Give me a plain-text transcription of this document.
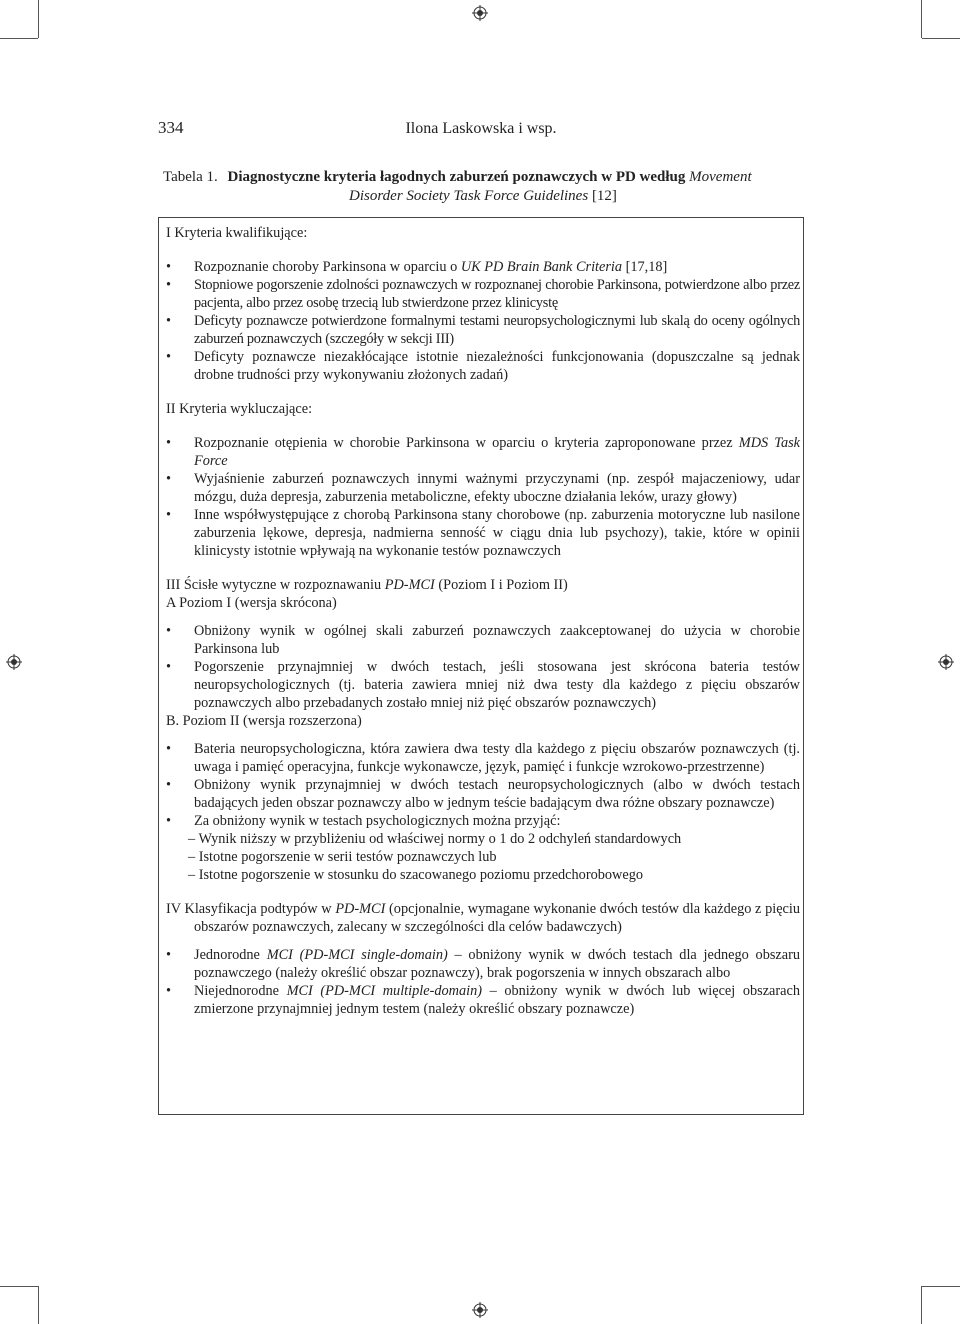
334	Ilona Laskowska i wsp.
Tabela 1. Diagnostyczne kryteria łagodnych zaburzeń poznawczych w PD według Movement
Disorder Society Task Force Guidelines [12]

I Kryteria kwalifikujące:

• Rozpoznanie choroby Parkinsona w oparciu o UK PD Brain Bank Criteria [17,18]
• Stopniowe pogorszenie zdolności poznawczych w rozpoznanej chorobie Parkinsona, potwierdzone albo przez pacjenta, albo przez osobę trzecią lub stwierdzone przez klinicystę
• Deficyty poznawcze potwierdzone formalnymi testami neuropsychologicznymi lub skalą do oceny ogólnych zaburzeń poznawczych (szczegóły w sekcji III)
• Deficyty poznawcze niezakłócające istotnie niezależności funkcjonowania (dopuszczalne są jednak drobne trudności przy wykonywaniu złożonych zadań)

II Kryteria wykluczające:

• Rozpoznanie otępienia w chorobie Parkinsona w oparciu o kryteria zaproponowane przez MDS Task Force
• Wyjaśnienie zaburzeń poznawczych innymi ważnymi przyczynami (np. zespół majaczeniowy, udar mózgu, duża depresja, zaburzenia metaboliczne, efekty uboczne działania leków, urazy głowy)
• Inne współwystępujące z chorobą Parkinsona stany chorobowe (np. zaburzenia motoryczne lub nasilone zaburzenia lękowe, depresja, nadmierna senność w ciągu dnia lub psychozy), takie, które w opinii klinicysty istotnie wpływają na wykonanie testów poznawczych

III Ścisłe wytyczne w rozpoznawaniu PD-MCI (Poziom I i Poziom II)

A Poziom I (wersja skrócona)

• Obniżony wynik w ogólnej skali zaburzeń poznawczych zaakceptowanej do użycia w chorobie Parkinsona lub
• Pogorszenie przynajmniej w dwóch testach, jeśli stosowana jest skrócona bateria testów neuropsychologicznych (tj. bateria zawiera mniej niż dwa testy dla każdego z pięciu obszarów poznawczych albo przebadanych zostało mniej niż pięć obszarów poznawczych)

B. Poziom II (wersja rozszerzona)

• Bateria neuropsychologiczna, która zawiera dwa testy dla każdego z pięciu obszarów poznawczych (tj. uwaga i pamięć operacyjna, funkcje wykonawcze, język, pamięć i funkcje wzrokowo-przestrzenne)
• Obniżony wynik przynajmniej w dwóch testach neuropsychologicznych (albo w dwóch testach badających jeden obszar poznawczy albo w jednym teście badającym dwa różne obszary poznawcze)
• Za obniżony wynik w testach psychologicznych można przyjąć:
– Wynik niższy w przybliżeniu od właściwej normy o 1 do 2 odchyleń standardowych
– Istotne pogorszenie w serii testów poznawczych lub
– Istotne pogorszenie w stosunku do szacowanego poziomu przedchorobowego

IV Klasyfikacja podtypów w PD-MCI (opcjonalnie, wymagane wykonanie dwóch testów dla każdego z pięciu obszarów poznawczych, zalecany w szczególności dla celów badawczych)

• Jednorodne MCI (PD-MCI single-domain) – obniżony wynik w dwóch testach dla jednego obszaru poznawczego (należy określić obszar poznawczy), brak pogorszenia w innych obszarach albo
• Niejednorodne MCI (PD-MCI multiple-domain) – obniżony wynik w dwóch lub więcej obszarach zmierzone przynajmniej jednym testem (należy określić obszary poznawcze)
